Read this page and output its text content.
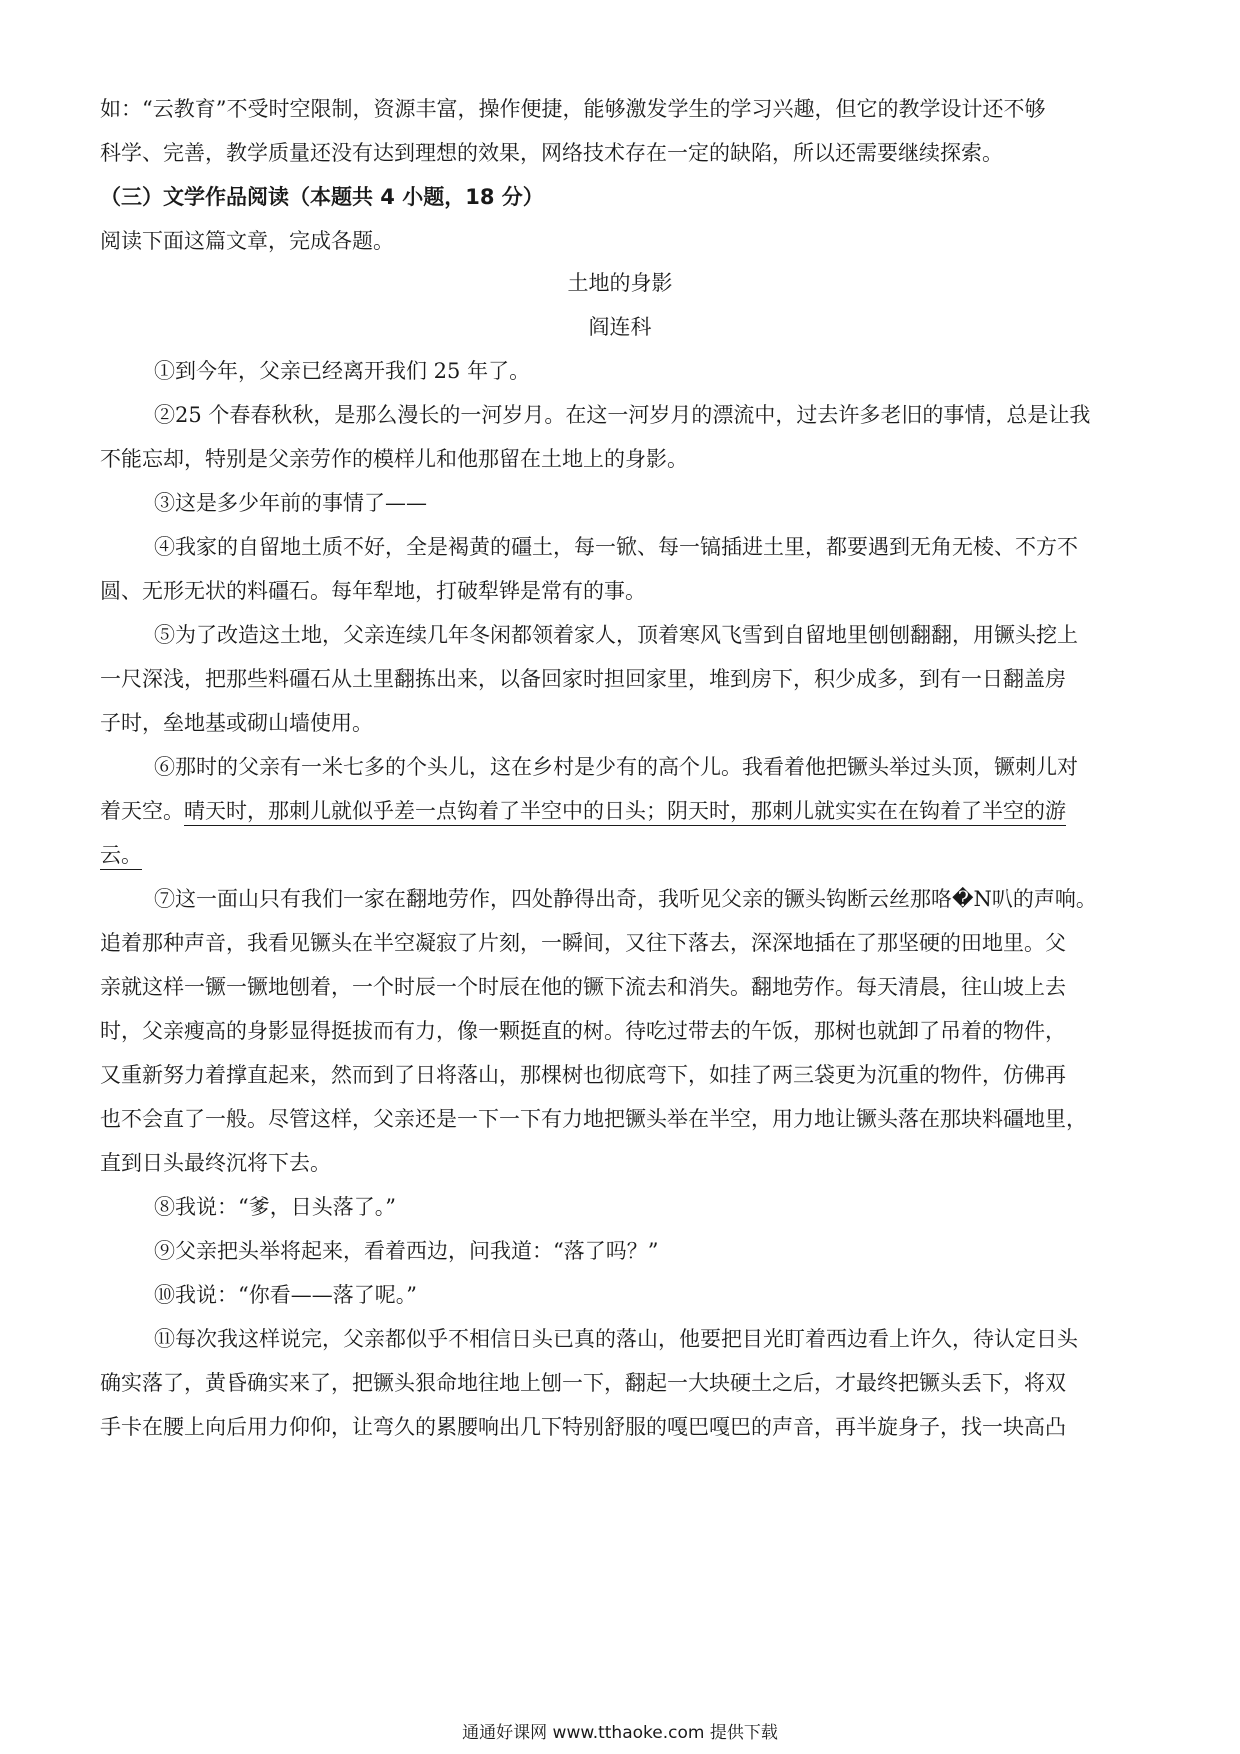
如：“云教育”不受时空限制，资源丰富，操作便捷，能够激发学生的学习兴趣，但它的教学设计还不够
科学、完善，教学质量还没有达到理想的效果，网络技术存在一定的缺陷，所以还需要继续探索。
（三）文学作品阅读（本题共 4 小题，18 分）
阅读下面这篇文章，完成各题。
土地的身影
阎连科
①到今年，父亲已经离开我们 25 年了。
②25 个春春秋秋，是那么漫长的一河岁月。在这一河岁月的漂流中，过去许多老旧的事情，总是让我
不能忘却，特别是父亲劳作的模样儿和他那留在土地上的身影。
③这是多少年前的事情了——
④我家的自留地土质不好，全是褐黄的礓土，每一锨、每一镐插进土里，都要遇到无角无棱、不方不
圆、无形无状的料礓石。每年犁地，打破犁铧是常有的事。
⑤为了改造这土地，父亲连续几年冬闲都领着家人，顶着寒风飞雪到自留地里刨刨翻翻，用镢头挖上
一尺深浅，把那些料礓石从土里翻拣出来，以备回家时担回家里，堆到房下，积少成多，到有一日翻盖房
子时，垒地基或砌山墙使用。
⑥那时的父亲有一米七多的个头儿，这在乡村是少有的高个儿。我看着他把镢头举过头顶，镢刺儿对
着天空。晴天时，那刺儿就似乎差一点钩着了半空中的日头；阴天时，那刺儿就实实在在钩着了半空的游
云。
⑦这一面山只有我们一家在翻地劳作，四处静得出奇，我听见父亲的镢头钩断云丝那咯�N叭的声响。
追着那种声音，我看见镢头在半空凝寂了片刻，一瞬间，又往下落去，深深地插在了那坚硬的田地里。父
亲就这样一镢一镢地刨着，一个时辰一个时辰在他的镢下流去和消失。翻地劳作。每天清晨，往山坡上去
时，父亲瘦高的身影显得挺拔而有力，像一颗挺直的树。待吃过带去的午饭，那树也就卸了吊着的物件，
又重新努力着撑直起来，然而到了日将落山，那棵树也彻底弯下，如挂了两三袋更为沉重的物件，仿佛再
也不会直了一般。尽管这样，父亲还是一下一下有力地把镢头举在半空，用力地让镢头落在那块料礓地里，
直到日头最终沉将下去。
⑧我说：“爹，日头落了。”
⑨父亲把头举将起来，看着西边，问我道：“落了吗？”
⑩我说：“你看——落了呢。”
⑪每次我这样说完，父亲都似乎不相信日头已真的落山，他要把目光盯着西边看上许久，待认定日头
确实落了，黄昏确实来了，把镢头狠命地往地上刨一下，翻起一大块硬土之后，才最终把镢头丢下，将双
手卡在腰上向后用力仰仰，让弯久的累腰响出几下特别舒服的嘎巴嘎巴的声音，再半旋身子，找一块高凸
通通好课网 www.tthaoke.com 提供下载
